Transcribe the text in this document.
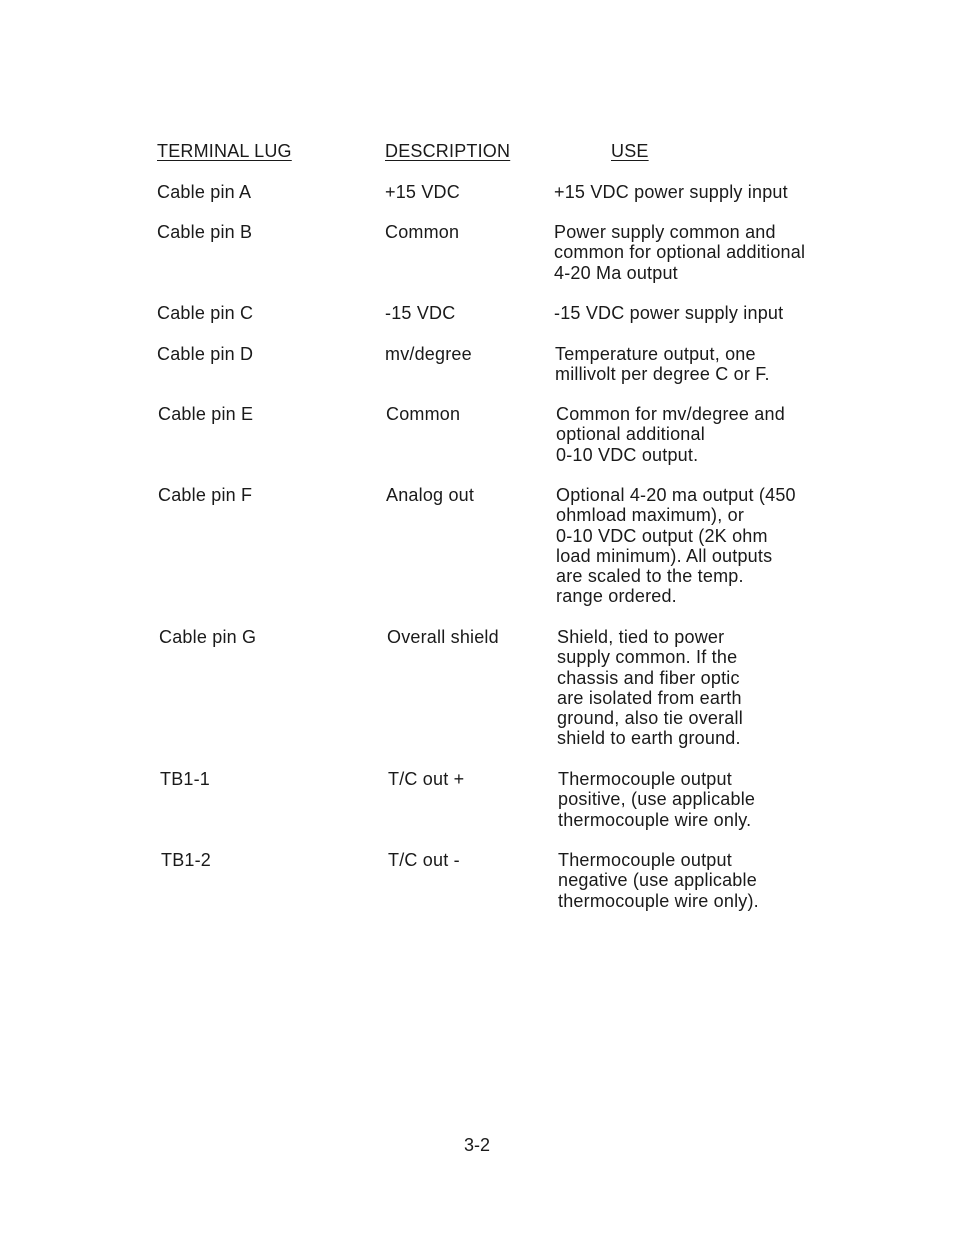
TERMINAL LUG	DESCRIPTION	USE
Cable pin A	+15 VDC	+15 VDC power supply input
Cable pin B	Common	Power supply common and
common for optional additional
4-20 Ma output
Cable pin C	-15 VDC	-15 VDC power supply input
Cable pin D	mv/degree	Temperature output, one
millivolt per degree C or F.
Cable pin E	Common	Common for mv/degree and
optional additional
0-10 VDC output.
Cable pin F	Analog out	Optional 4-20 ma output (450
ohmload maximum), or
0-10 VDC output (2K ohm
load minimum). All outputs
are scaled to the temp.
range ordered.
Cable pin G	Overall shield	Shield, tied to power
supply common. If the
chassis and fiber optic
are isolated from earth
ground, also tie overall
shield to earth ground.
TB1-1	T/C out +	Thermocouple output
positive, (use applicable
thermocouple wire only.
TB1-2	T/C out -	Thermocouple output
negative (use applicable
thermocouple wire only).
3-2
